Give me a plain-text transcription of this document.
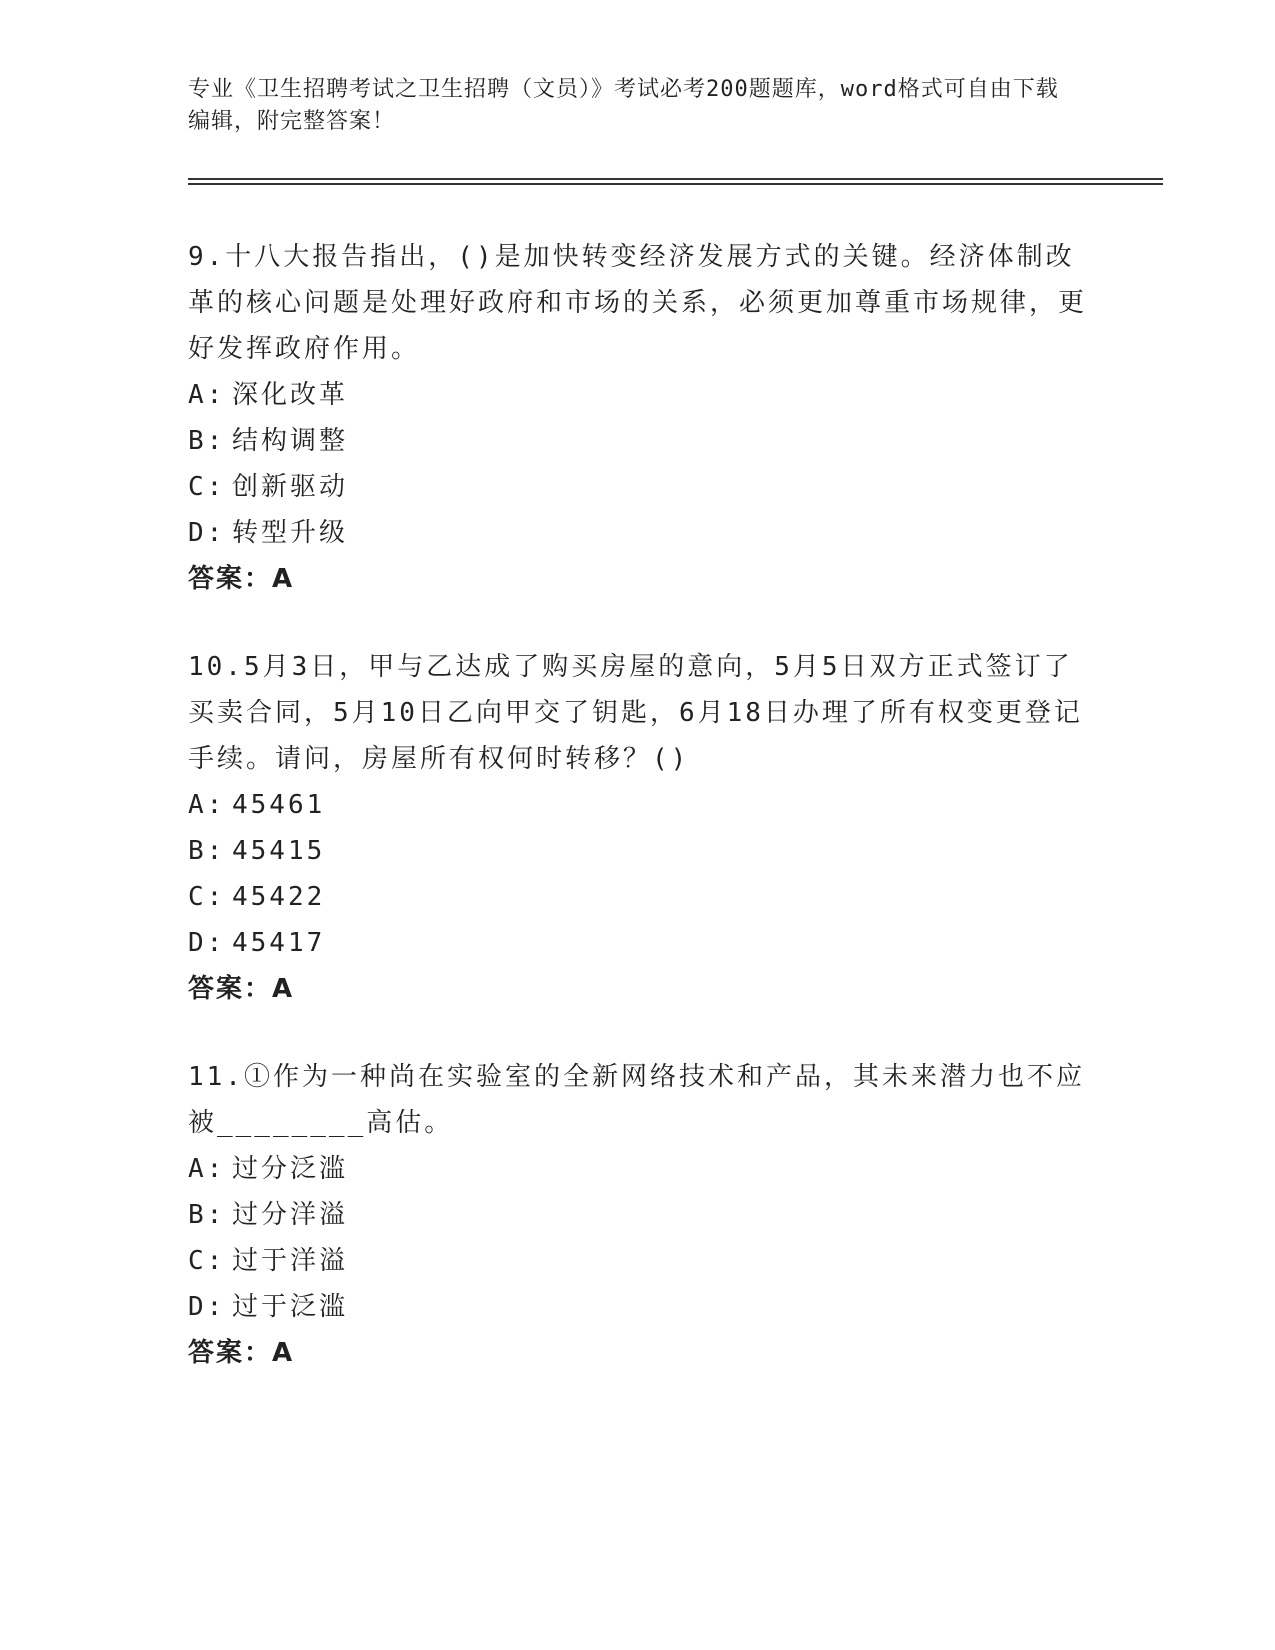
专业《卫生招聘考试之卫生招聘（文员）》考试必考200题题库，word格式可自由下载编辑，附完整答案！
9.十八大报告指出，()是加快转变经济发展方式的关键。经济体制改革的核心问题是处理好政府和市场的关系，必须更加尊重市场规律，更好发挥政府作用。
A: 深化改革
B: 结构调整
C: 创新驱动
D: 转型升级
答案：A
10.5月3日，甲与乙达成了购买房屋的意向，5月5日双方正式签订了买卖合同，5月10日乙向甲交了钥匙，6月18日办理了所有权变更登记手续。请问，房屋所有权何时转移？()
A: 45461
B: 45415
C: 45422
D: 45417
答案：A
11.①作为一种尚在实验室的全新网络技术和产品，其未来潜力也不应被________高估。
A: 过分泛滥
B: 过分洋溢
C: 过于洋溢
D: 过于泛滥
答案：A
